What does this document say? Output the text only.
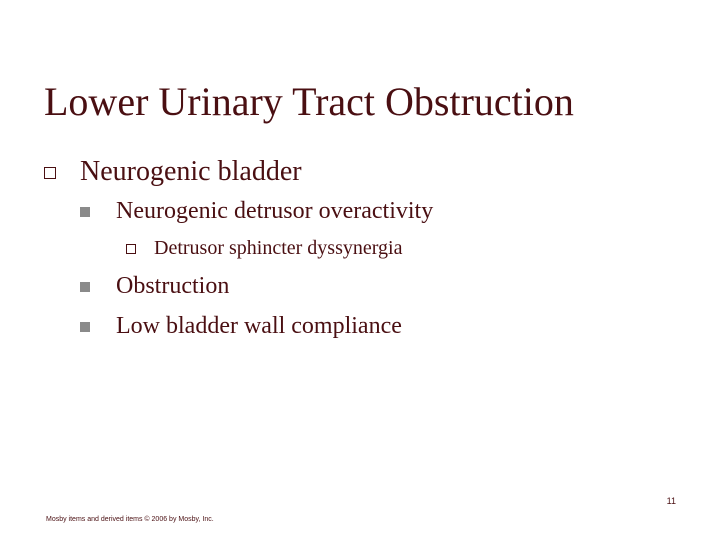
Lower Urinary Tract Obstruction
Neurogenic bladder
Neurogenic detrusor overactivity
Detrusor sphincter dyssynergia
Obstruction
Low bladder wall compliance
11
Mosby items and derived items © 2006 by Mosby, Inc.
